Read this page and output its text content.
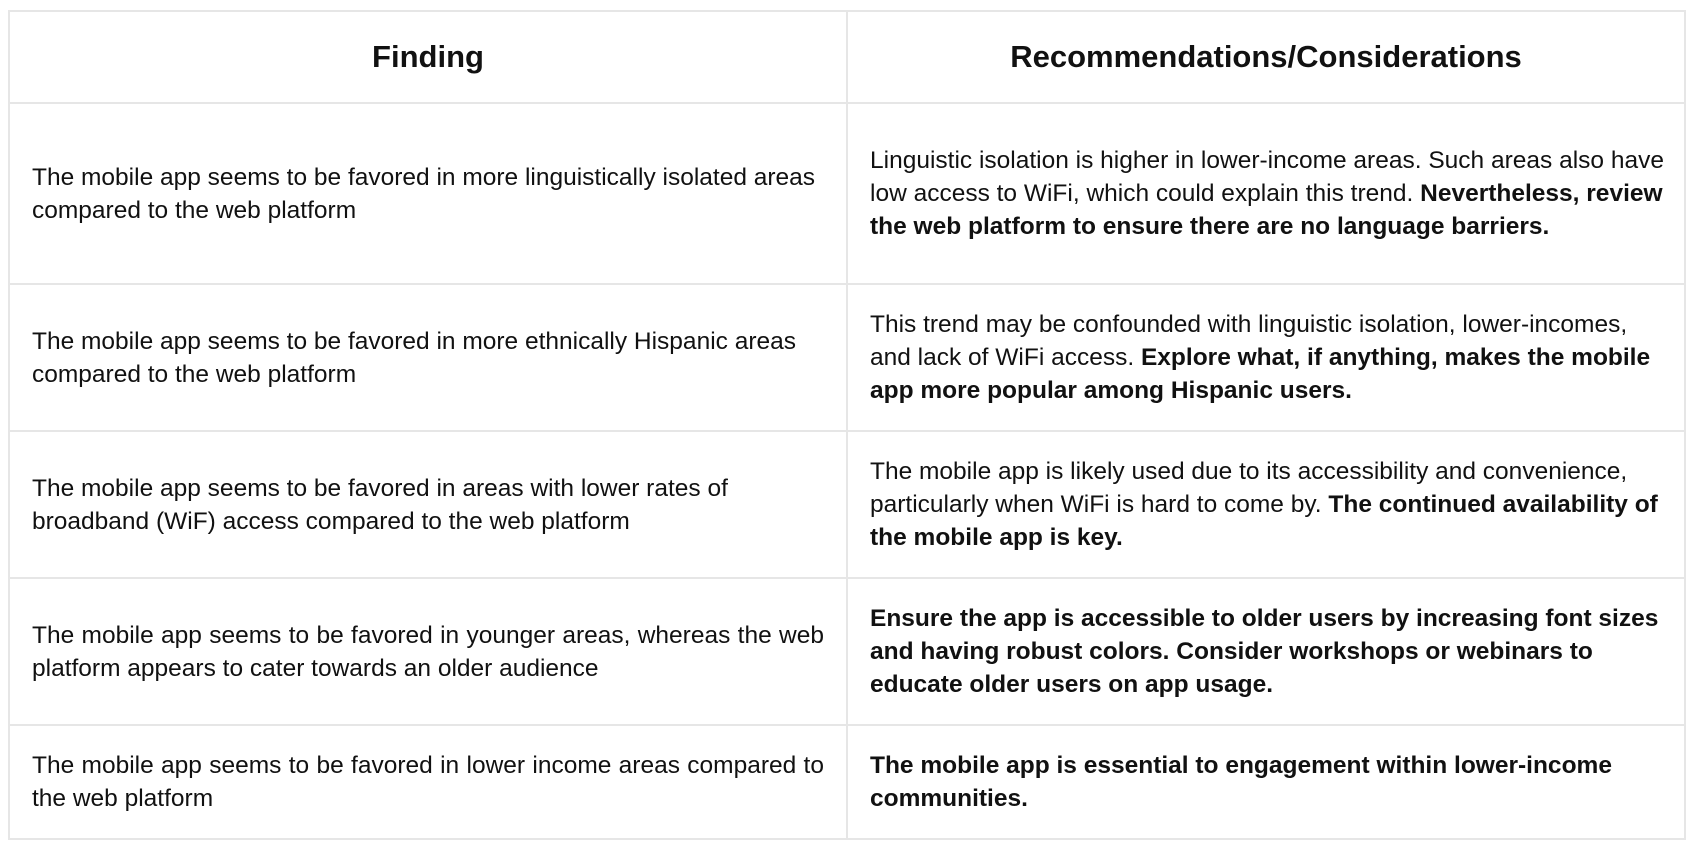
Finding	Recommendations/Considerations
The mobile app seems to be favored in more linguistically isolated areas compared to the web platform	Linguistic isolation is higher in lower-income areas. Such areas also have low access to WiFi, which could explain this trend. Nevertheless, review the web platform to ensure there are no language barriers.
The mobile app seems to be favored in more ethnically Hispanic areas compared to the web platform	This trend may be confounded with linguistic isolation, lower-incomes, and lack of WiFi access. Explore what, if anything, makes the mobile app more popular among Hispanic users.
The mobile app seems to be favored in areas with lower rates of broadband (WiF) access compared to the web platform	The mobile app is likely used due to its accessibility and convenience, particularly when WiFi is hard to come by. The continued availability of the mobile app is key.
The mobile app seems to be favored in younger areas, whereas the web platform appears to cater towards an older audience	Ensure the app is accessible to older users by increasing font sizes and having robust colors. Consider workshops or webinars to educate older users on app usage.
The mobile app seems to be favored in lower income areas compared to the web platform	The mobile app is essential to engagement within lower-income communities.
